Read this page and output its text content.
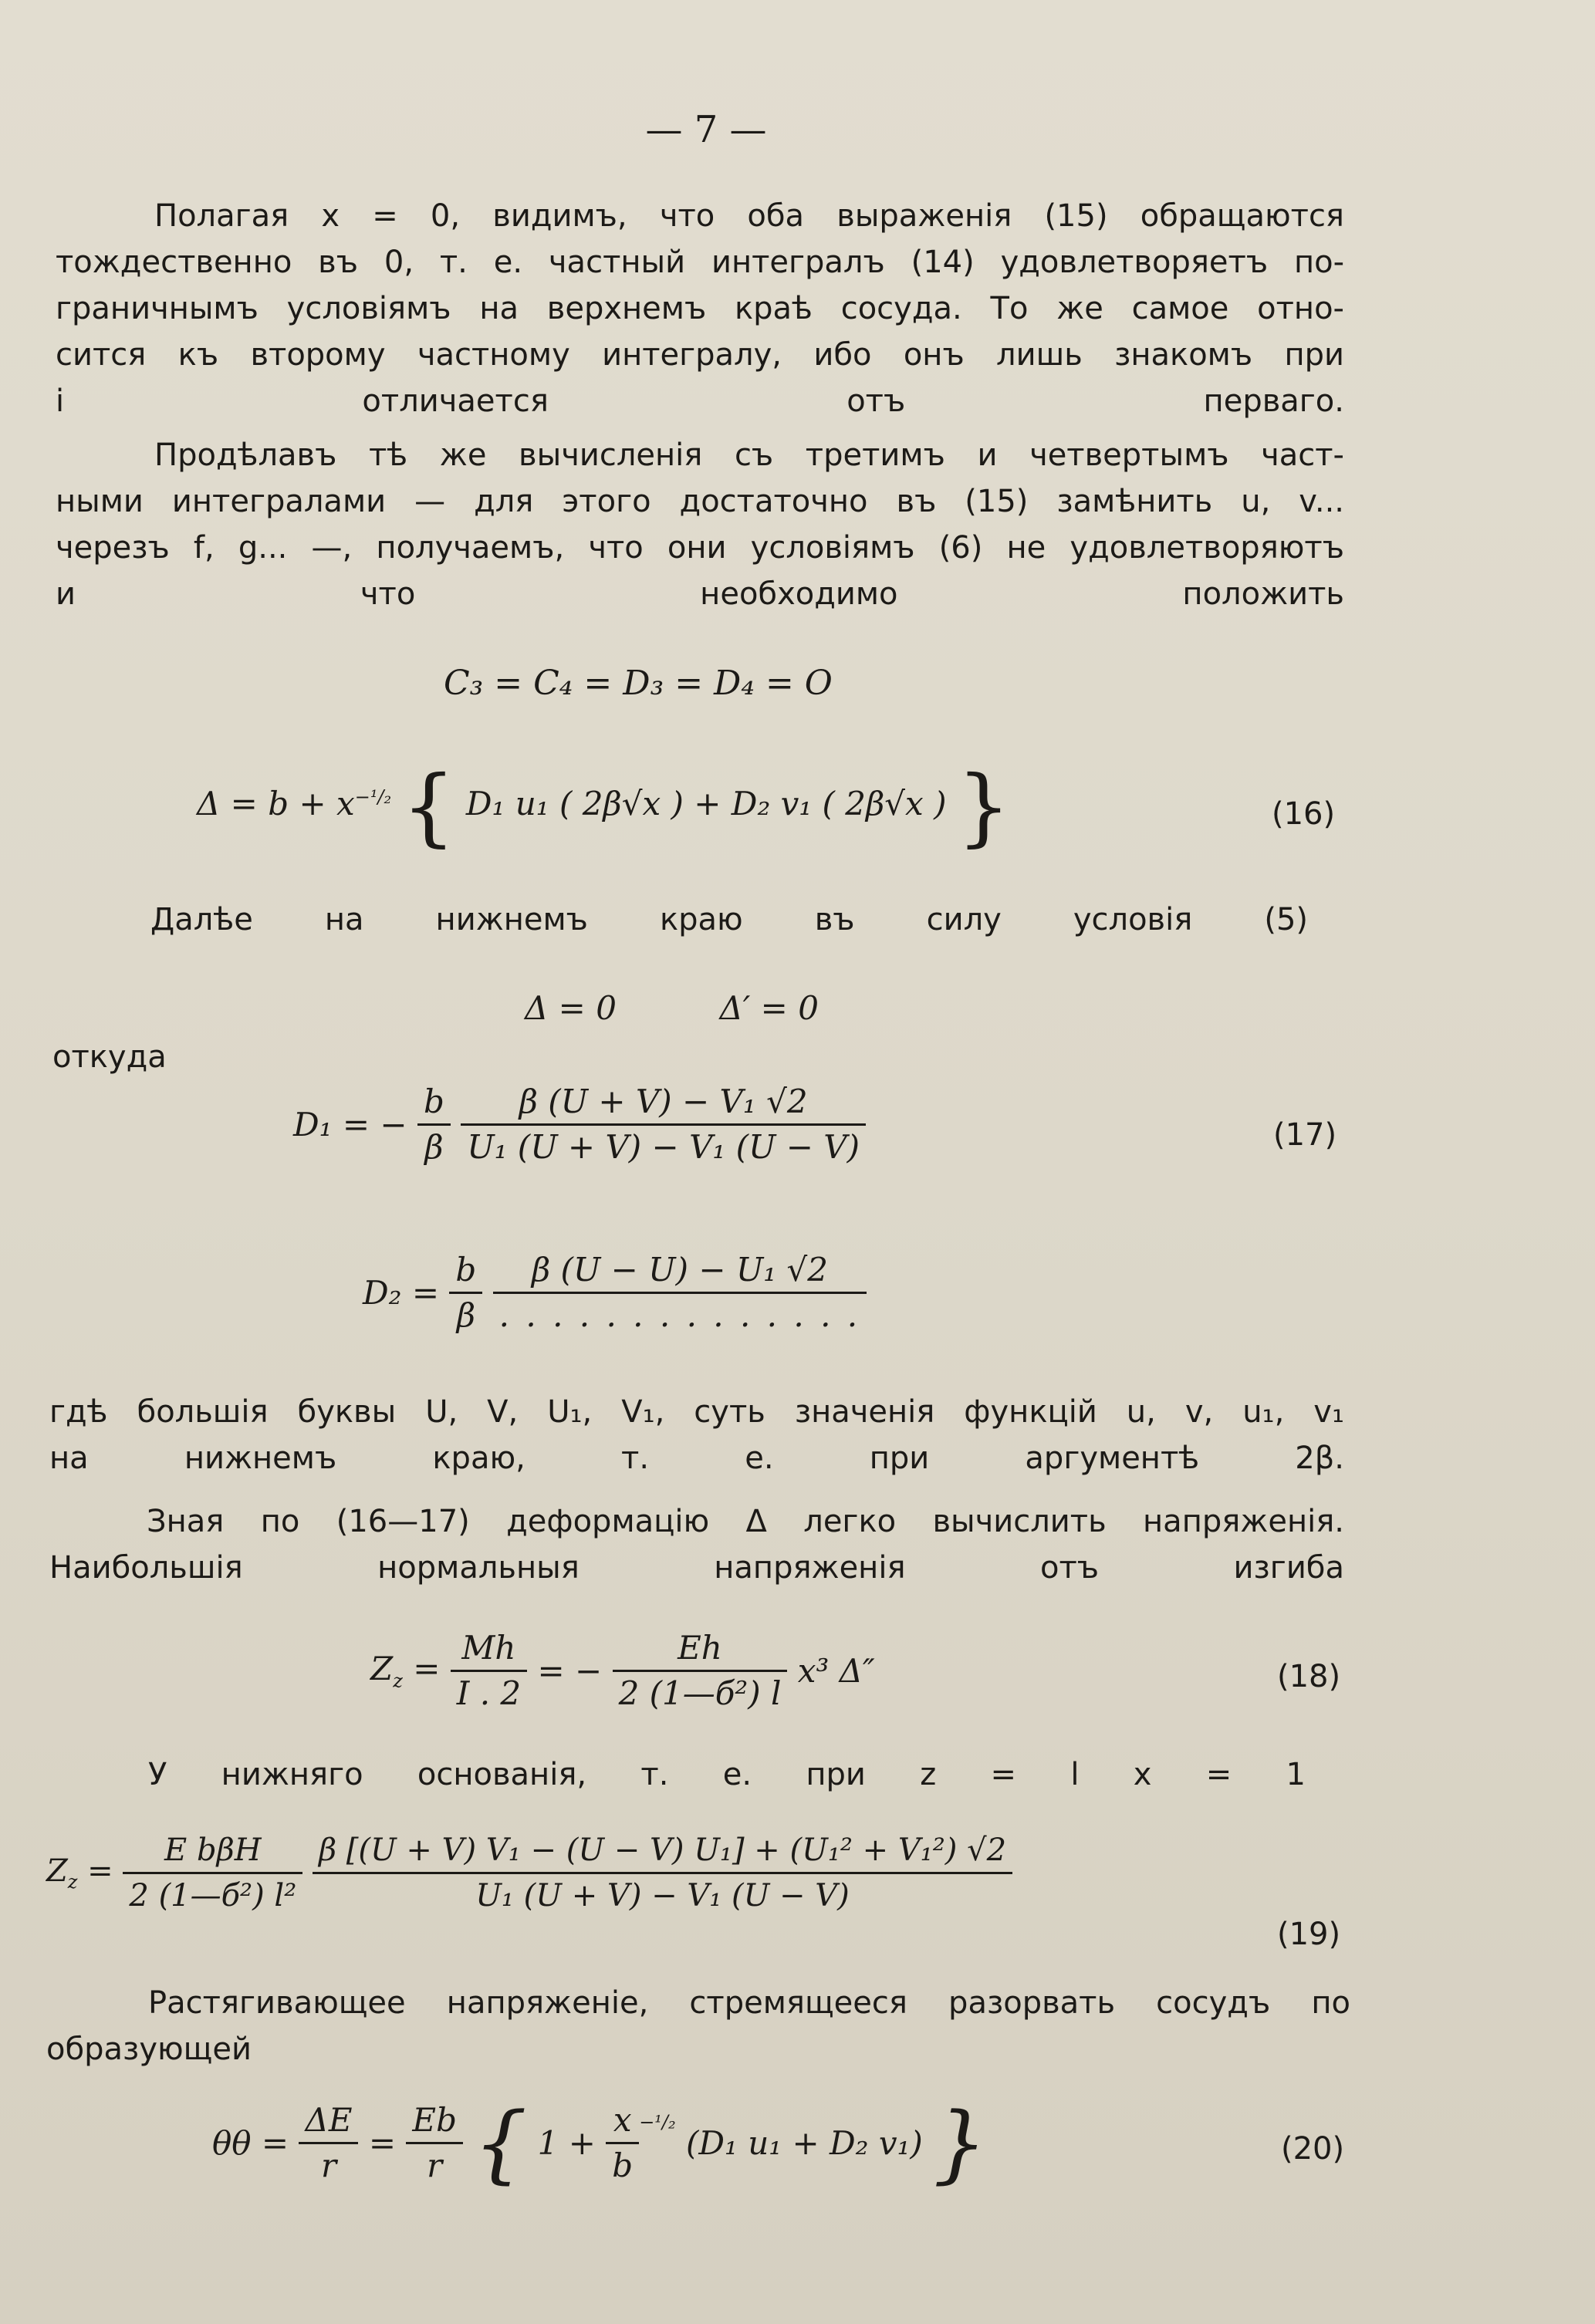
— 7 —
Полагая x = 0, видимъ, что оба выраженія (15) обращаются
тождественно въ 0, т. е. частный интегралъ (14) удовлетворяетъ по-
граничнымъ условіямъ на верхнемъ краѣ сосуда. То же самое отно-
сится къ второму частному интегралу, ибо онъ лишь знакомъ при
i отличается отъ перваго.
Продѣлавъ тѣ же вычисленія съ третимъ и четвертымъ част-
ными интегралами — для этого достаточно въ (15) замѣнить u, v...
черезъ f, g... —, получаемъ, что они условіямъ (6) не удовлетворяютъ
и что необходимо положить
C₃ = C₄ = D₃ = D₄ = O
$\Delta = b + x^{-^1/_2}$ { D₁ u₁ ( 2β√x ) + D₂ v₁ ( 2β√x ) }	(16)
Далѣе на нижнемъ краю въ силу условія (5)
Δ = 0          Δ′ = 0
откуда
D₁ = − $\frac{b}{\beta}$
$\frac{\text{β (U + V) − V₁ √2}}{\text{U₁ (U + V) − V₁ (U − V)}}$	(17)
$D_2 = \frac{b}{\beta}$
$\frac{\text{β (U − U) − U₁ √2}}{. . . . . . . . . . . . . .}$
гдѣ большія буквы U, V, U₁, V₁, суть значенія функцій u, v, u₁, v₁
на нижнемъ краю, т. е. при аргументѣ 2β.
Зная по (16—17) деформацію Δ легко вычислить напряженія.
Наибольшія нормальныя напряженія отъ изгиба
$Z_z = \frac{Mh}{I . 2}$ = − $\frac{Eh}{\text{2 (1—б²) l}} x^3$ Δ″	(18)
У нижняго основанія, т. е. при z = l x = 1
$Z_z = \frac{\text{E bβH}}{\text{2 (1—б²) l²}}$
$\frac{\text{β [(U + V) V₁ − (U − V) U₁] + (U₁² + V₁²) √2}}{\text{U₁ (U + V) − V₁ (U − V)}}$
(19)
Растягивающее напряженіе, стремящееся разорвать сосудъ по
образующей
$\theta\theta = \frac{\Delta E}{r} = \frac{Eb}{r}$ { $1 + \frac{x}{b} ^{-^1/_2}$ (D₁ u₁ + D₂ v₁) }	(20)
